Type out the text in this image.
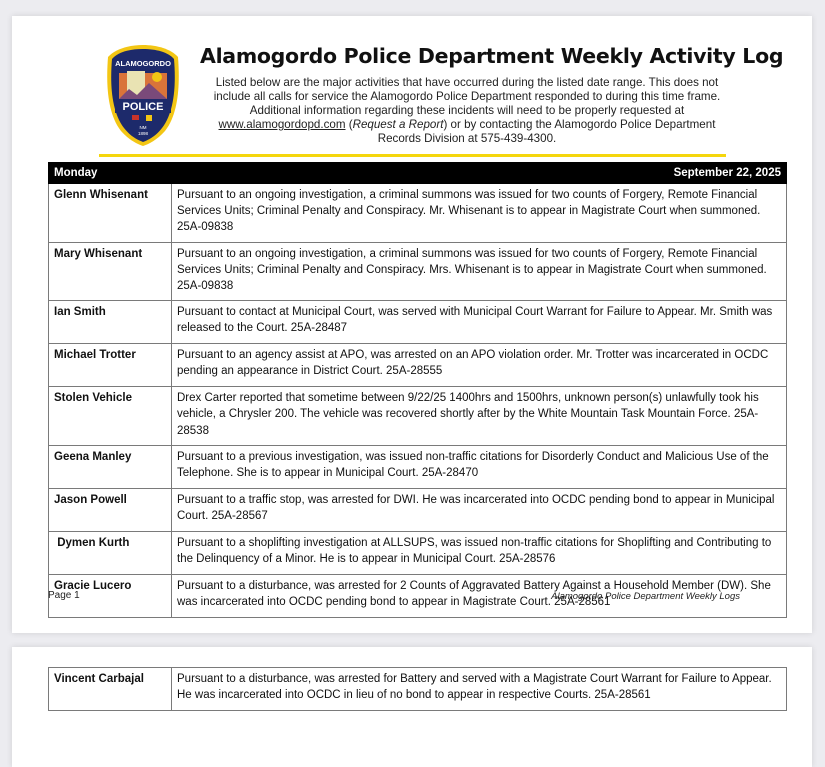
ALAMOGORDO
POLICE
NM
1898
Alamogordo Police Department Weekly Activity Log
Listed below are the major activities that have occurred during the listed date range. This does not include all calls for service the Alamogordo Police Department responded to during this time frame. Additional information regarding these incidents will need to be properly requested at www.alamogordopd.com (Request a Report) or by contacting the Alamogordo Police Department Records Division at 575-439-4300.
Monday	September 22, 2025
Glenn Whisenant	Pursuant to an ongoing investigation, a criminal summons was issued for two counts of Forgery, Remote Financial Services Units; Criminal Penalty and Conspiracy. Mr. Whisenant is to appear in Magistrate Court when summoned. 25A-09838
Mary Whisenant	Pursuant to an ongoing investigation, a criminal summons was issued for two counts of Forgery, Remote Financial Services Units; Criminal Penalty and Conspiracy. Mrs. Whisenant is to appear in Magistrate Court when summoned. 25A-09838
Ian Smith	Pursuant to contact at Municipal Court, was served with Municipal Court Warrant for Failure to Appear. Mr. Smith was released to the Court. 25A-28487
Michael Trotter	Pursuant to an agency assist at APO, was arrested on an APO violation order. Mr. Trotter was incarcerated in OCDC pending an appearance in District Court. 25A-28555
Stolen Vehicle	Drex Carter reported that sometime between 9/22/25 1400hrs and 1500hrs, unknown person(s) unlawfully took his vehicle, a Chrysler 200. The vehicle was recovered shortly after by the White Mountain Task Mountain Force. 25A-28538
Geena Manley	Pursuant to a previous investigation, was issued non-traffic citations for Disorderly Conduct and Malicious Use of the Telephone. She is to appear in Municipal Court. 25A-28470
Jason Powell	Pursuant to a traffic stop, was arrested for DWI. He was incarcerated into OCDC pending bond to appear in Municipal Court. 25A-28567
Dymen Kurth	Pursuant to a shoplifting investigation at ALLSUPS, was issued non-traffic citations for Shoplifting and Contributing to the Delinquency of a Minor. He is to appear in Municipal Court. 25A-28576
Gracie Lucero	Pursuant to a disturbance, was arrested for 2 Counts of Aggravated Battery Against a Household Member (DW). She was incarcerated into OCDC pending bond to appear in Magistrate Court. 25A-28561
Page 1	Alamogordo Police Department Weekly Logs
Vincent Carbajal	Pursuant to a disturbance, was arrested for Battery and served with a Magistrate Court Warrant for Failure to Appear. He was incarcerated into OCDC in lieu of no bond to appear in respective Courts. 25A-28561
